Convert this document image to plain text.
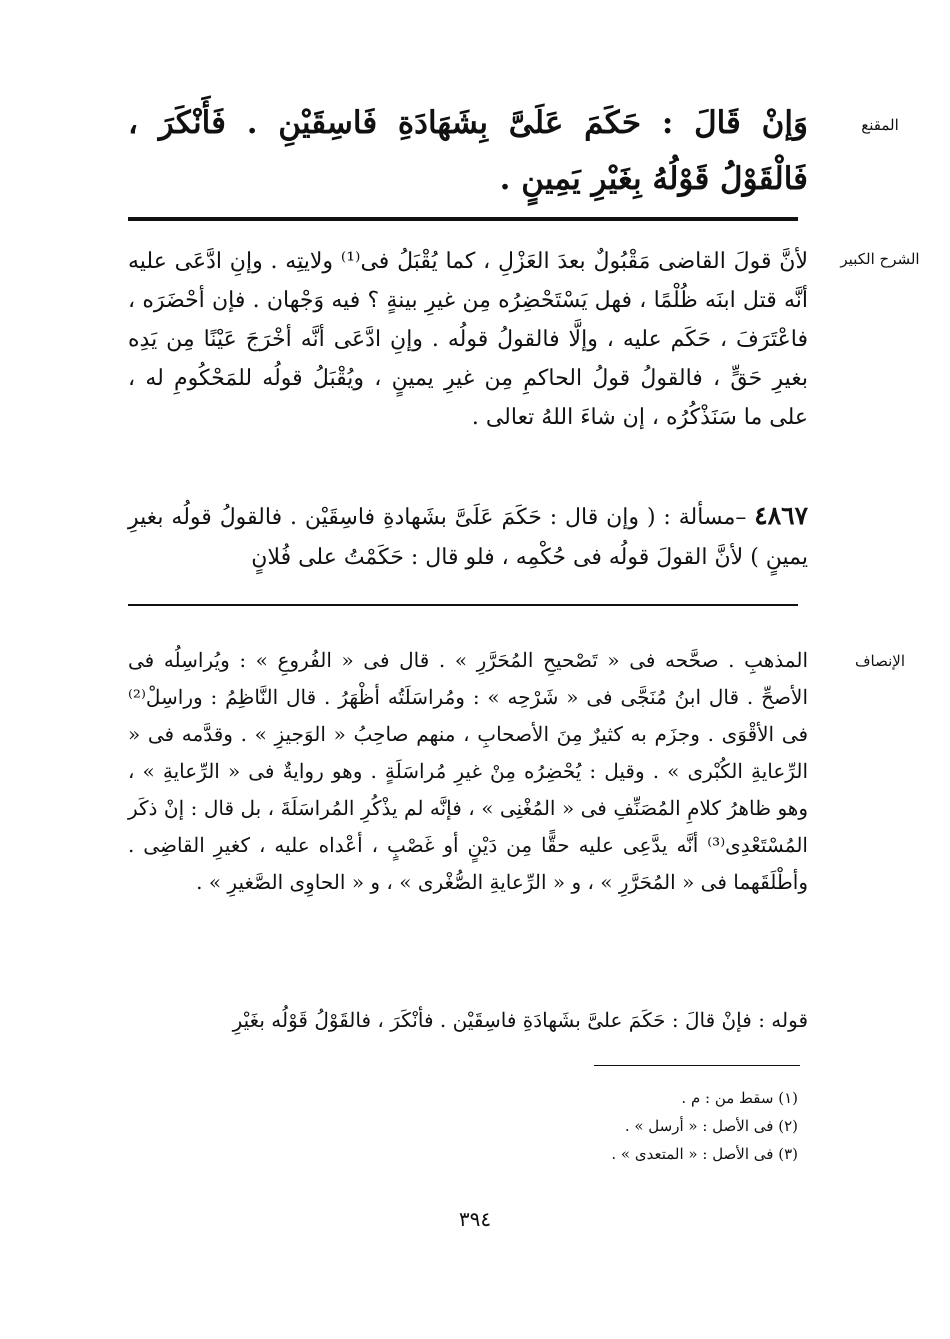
المقنع

وَإنْ قَالَ : حَكَمَ عَلَىَّ بِشَهَادَةِ فَاسِقَيْنِ . فَأَنْكَرَ ، فَالْقَوْلُ قَوْلُهُ بِغَيْرِ يَمِينٍ .

الشرح الكبير

لأنَّ قولَ القاضى مَقْبُولٌ بعدَ العَزْلِ ، كما يُقْبَلُ فى⁽¹⁾ ولايتِه . وإنِ ادَّعَى عليه أنَّه قتل ابنَه ظُلْمًا ، فهل يَسْتَحْضِرُه مِن غيرِ بينةٍ ؟ فيه وَجْهان . فإن أحْضَرَه ، فاعْتَرَفَ ، حَكَم عليه ، وإلَّا فالقولُ قولُه . وإنِ ادَّعَى أنَّه أخْرَجَ عَيْنًا مِن يَدِه بغيرِ حَقٍّ ، فالقولُ قولُ الحاكمِ مِن غيرِ يمينٍ ، ويُقْبَلُ قولُه للمَحْكُومِ له ، على ما سَنَذْكُرُه ، إن شاءَ اللهُ تعالى .

٤٨٦٧ –مسألة : ( وإن قال : حَكَمَ عَلَىَّ بشَهادةِ فاسِقَيْن . فالقولُ قولُه بغيرِ يمينٍ ) لأنَّ القولَ قولُه فى حُكْمِه ، فلو قال : حَكَمْتُ على فُلانٍ

الإنصاف

المذهبِ . صحَّحه فى « تَصْحيحِ المُحَرَّرِ » . قال فى « الفُروعِ » : ويُراسِلُه فى الأصحِّ . قال ابنُ مُنَجَّى فى « شَرْحِه » : ومُراسَلَتُه أظْهَرُ . قال النَّاظِمُ : وراسِلْ⁽²⁾ فى الأقْوَى . وجزَم به كثيرٌ مِنَ الأصحابِ ، منهم صاحِبُ « الوَجيزِ » . وقدَّمه فى « الرِّعايةِ الكُبْرى » . وقيل : يُحْضِرُه مِنْ غيرِ مُراسَلَةٍ . وهو روايةٌ فى « الرِّعايةِ » ، وهو ظاهرُ كلامِ المُصَنِّفِ فى « المُغْنِى » ، فإنَّه لم يذْكُرِ المُراسَلَةَ ، بل قال : إنْ ذكَر المُسْتَعْدِى⁽³⁾ أنَّه يدَّعِى عليه حقًّا مِن دَيْنٍ أو غَصْبٍ ، أعْداه عليه ، كغيرِ القاضِى . وأطْلَقَهما فى « المُحَرَّرِ » ، و « الرِّعايةِ الصُّغْرى » ، و « الحاوِى الصَّغيرِ » .

قوله : فإنْ قالَ : حَكَمَ علىَّ بشَهادَةِ فاسِقَيْن . فأنْكَرَ ، فالقَوْلُ قَوْلُه بغَيْرِ

(١) سقط من : م .
(٢) فى الأصل : « أرسل » .
(٣) فى الأصل : « المتعدى » .
٣٩٤
